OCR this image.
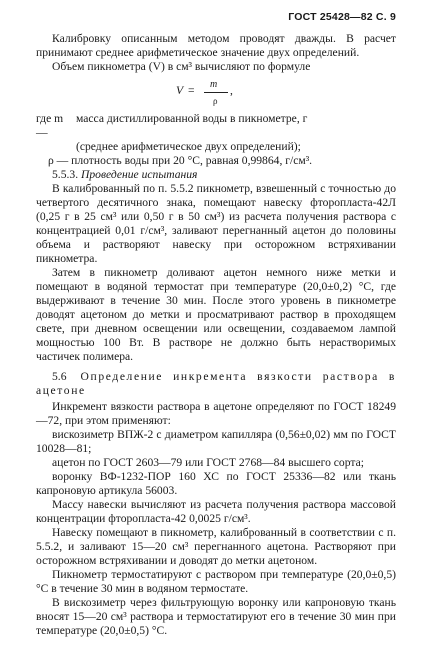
ГОСТ 25428—82 С. 9

Калибровку описанным методом проводят дважды. В расчет принимают среднее арифметическое значение двух определений.

Объем пикнометра (V) в см³ вычисляют по формуле

V = m
ρ
,
где m —
масса дистиллированной воды в пикнометре, г
(среднее арифметическое двух определений);
ρ — плотность воды при 20 °С, равная 0,99864, г/см³.

5.5.3. Проведение испытания

В калиброванный по п. 5.5.2 пикнометр, взвешенный с точностью до четвертого десятичного знака, помещают навеску фторопласта-42Л (0,25 г в 25 см³ или 0,50 г в 50 см³) из расчета получения раствора с концентрацией 0,01 г/см³, заливают перегнанный ацетон до половины объема и растворяют навеску при осторожном встряхивании пикнометра.

Затем в пикнометр доливают ацетон немного ниже метки и помещают в водяной термостат при температуре (20,0±0,2) °С, где выдерживают в течение 30 мин. После этого уровень в пикнометре доводят ацетоном до метки и просматривают раствор в проходящем свете, при дневном освещении или освещении, создаваемом лампой мощностью 100 Вт. В растворе не должно быть нерастворимых частичек полимера.

5.6 Определение инкремента вязкости раствора в ацетоне

Инкремент вязкости раствора в ацетоне определяют по ГОСТ 18249—72, при этом применяют:

вискозиметр ВПЖ-2 с диаметром капилляра (0,56±0,02) мм по ГОСТ 10028—81;

ацетон по ГОСТ 2603—79 или ГОСТ 2768—84 высшего сорта;

воронку ВФ-1232-ПОР 160 ХС по ГОСТ 25336—82 или ткань капроновую артикула 56003.

Массу навески вычисляют из расчета получения раствора массовой концентрации фторопласта-42 0,0025 г/см³.

Навеску помещают в пикнометр, калиброванный в соответствии с п. 5.5.2, и заливают 15—20 см³ перегнанного ацетона. Растворяют при осторожном встряхивании и доводят до метки ацетоном.

Пикнометр термостатируют с раствором при температуре (20,0±0,5) °С в течение 30 мин в водяном термостате.

В вискозиметр через фильтрующую воронку или капроновую ткань вносят 15—20 см³ раствора и термостатируют его в течение 30 мин при температуре (20,0±0,5) °С.
